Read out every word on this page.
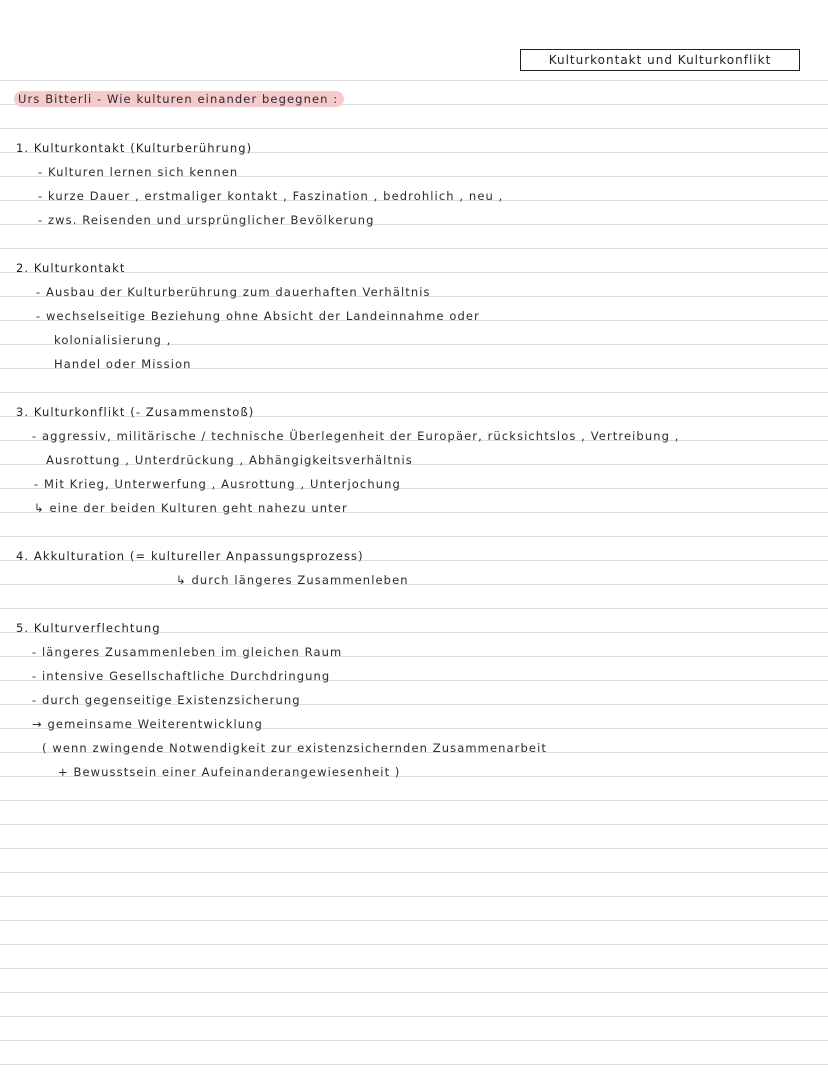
Kulturkontakt und Kulturkonflikt
Urs Bitterli - Wie kulturen einander begegnen :
1. Kulturkontakt (Kulturberührung)
- Kulturen lernen sich kennen
- kurze Dauer , erstmaliger kontakt , Faszination , bedrohlich , neu ,
- zws. Reisenden und ursprünglicher Bevölkerung
2. Kulturkontakt
- Ausbau der Kulturberührung zum dauerhaften Verhältnis
- wechselseitige Beziehung ohne Absicht der Landeinnahme oder
kolonialisierung ,
Handel oder Mission
3. Kulturkonflikt (- Zusammenstoß)
- aggressiv, militärische / technische Überlegenheit der Europäer, rücksichtslos , Vertreibung ,
Ausrottung , Unterdrückung , Abhängigkeitsverhältnis
- Mit Krieg, Unterwerfung , Ausrottung , Unterjochung
↳ eine der beiden Kulturen geht nahezu unter
4. Akkulturation (= kultureller Anpassungsprozess)
↳ durch längeres Zusammenleben
5. Kulturverflechtung
- längeres Zusammenleben im gleichen Raum
- intensive Gesellschaftliche Durchdringung
- durch gegenseitige Existenzsicherung
→ gemeinsame Weiterentwicklung
( wenn zwingende Notwendigkeit zur existenzsichernden Zusammenarbeit
+ Bewusstsein einer Aufeinanderangewiesenheit )
